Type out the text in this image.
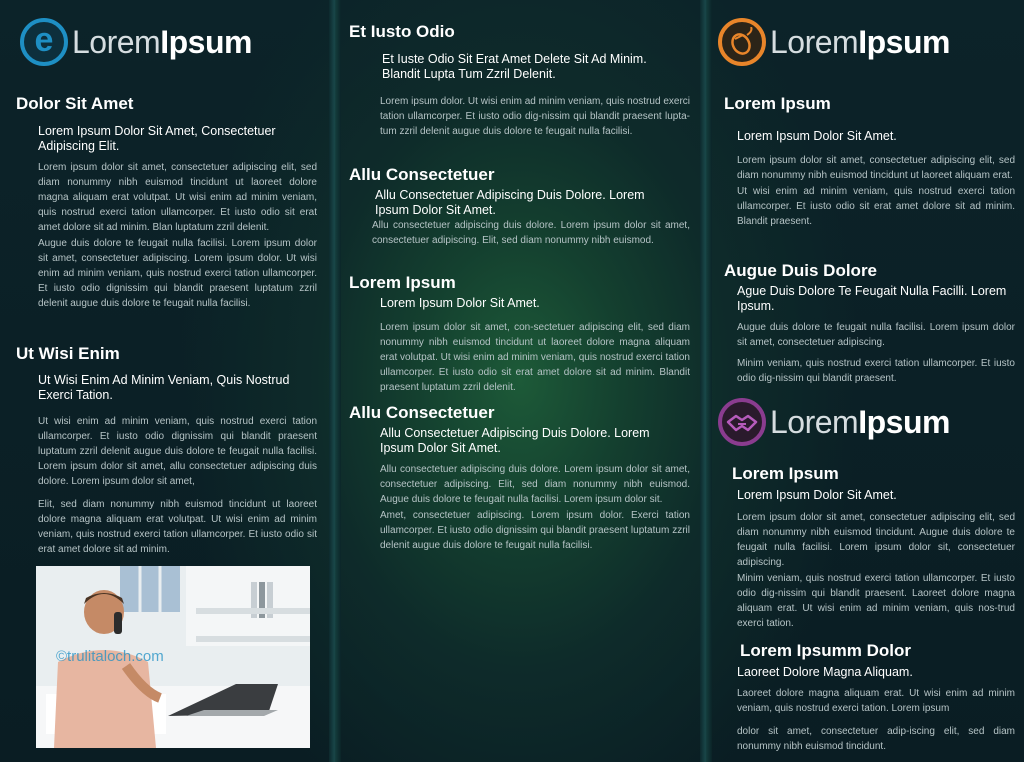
e Lorem Ipsum
Dolor Sit Amet
Lorem Ipsum Dolor Sit Amet, Consectetuer Adipiscing Elit.

Lorem ipsum dolor sit amet, consectetuer adipiscing elit, sed diam nonummy nibh euismod tincidunt ut laoreet dolore magna aliquam erat volutpat. Ut wisi enim ad minim veniam, quis nostrud exerci tation ullamcorper. Et iusto odio sit erat amet dolore sit ad minim. Blan luptatum zzril delenit.

Augue duis dolore te feugait nulla facilisi. Lorem ipsum dolor sit amet, consectetuer adipiscing. Lorem ipsum dolor. Ut wisi enim ad minim veniam, quis nostrud exerci tation ullamcorper. Et iusto odio dignissim qui blandit praesent luptatum zzril delenit augue duis dolore te feugait nulla facilisi.

Ut Wisi Enim
Ut Wisi Enim Ad Minim Veniam, Quis Nostrud Exerci Tation.

Ut wisi enim ad minim veniam, quis nostrud exerci tation ullamcorper. Et iusto odio dignissim qui blandit praesent luptatum zzril delenit augue duis dolore te feugait nulla facilisi. Lorem ipsum dolor sit amet, allu consectetuer adipiscing duis dolore. Lorem ipsum dolor sit amet,

Elit, sed diam nonummy nibh euismod tincidunt ut laoreet dolore magna aliquam erat volutpat. Ut wisi enim ad minim veniam, quis nostrud exerci tation ullamcorper. Et iusto odio sit erat amet dolore sit ad minim.

©trulitaloch.com
Et Iusto Odio
Et Iuste Odio Sit Erat Amet Delete Sit Ad Minim. Blandit Lupta Tum Zzril Delenit.

Lorem ipsum dolor. Ut wisi enim ad minim veniam, quis nostrud exerci tation ullamcorper. Et iusto odio dig-nissim qui blandit praesent lupta- tum zzril delenit augue duis dolore te feugait nulla facilisi.

Allu Consectetuer
Allu Consectetuer Adipiscing Duis Dolore. Lorem Ipsum Dolor Sit Amet.

Allu consectetuer adipiscing duis dolore. Lorem ipsum dolor sit amet, consectetuer adipiscing. Elit, sed diam nonummy nibh euismod.

Lorem Ipsum
Lorem Ipsum Dolor Sit Amet.

Lorem ipsum dolor sit amet, con-sectetuer adipiscing elit, sed diam nonummy nibh euismod tincidunt ut laoreet dolore magna aliquam erat volutpat. Ut wisi enim ad minim veniam, quis nostrud exerci tation ullamcorper. Et iusto odio sit erat amet dolore sit ad minim. Blandit praesent luptatum zzril delenit.

Allu Consectetuer
Allu Consectetuer Adipiscing Duis Dolore. Lorem Ipsum Dolor Sit Amet.

Allu consectetuer adipiscing duis dolore. Lorem ipsum dolor sit amet, consectetuer adipiscing. Elit, sed diam nonummy nibh euismod. Augue duis dolore te feugait nulla facilisi. Lorem ipsum dolor sit.

Amet, consectetuer adipiscing. Lorem ipsum dolor. Exerci tation ullamcorper. Et iusto odio dignissim qui blandit praesent luptatum zzril delenit augue duis dolore te feugait nulla facilisi.

Lorem Ipsum
Lorem Ipsum
Lorem Ipsum Dolor Sit Amet.

Lorem ipsum dolor sit amet, consectetuer adipiscing elit, sed diam nonummy nibh euismod tincidunt ut laoreet aliquam erat.

Ut wisi enim ad minim veniam, quis nostrud exerci tation ullamcorper. Et iusto odio sit erat amet dolore sit ad minim. Blandit praesent.

Augue Duis Dolore
Ague Duis Dolore Te Feugait Nulla Facilli. Lorem Ipsum.

Augue duis dolore te feugait nulla facilisi. Lorem ipsum dolor sit amet, consectetuer adipiscing.

Minim veniam, quis nostrud exerci tation ullamcorper. Et iusto odio dig-nissim qui blandit praesent.

Lorem Ipsum
Lorem Ipsum
Lorem Ipsum Dolor Sit Amet.

Lorem ipsum dolor sit amet, consectetuer adipiscing elit, sed diam nonummy nibh euismod tincidunt. Augue duis dolore te feugait nulla facilisi. Lorem ipsum dolor sit, consectetuer adipiscing.

Minim veniam, quis nostrud exerci tation ullamcorper. Et iusto odio dig-nissim qui blandit praesent. Laoreet dolore magna aliquam erat. Ut wisi enim ad minim veniam, quis nos-trud exerci tation.

Lorem Ipsumm Dolor
Laoreet Dolore Magna Aliquam.

Laoreet dolore magna aliquam erat. Ut wisi enim ad minim veniam, quis nostrud exerci tation. Lorem ipsum

dolor sit amet, consectetuer adip-iscing elit, sed diam nonummy nibh euismod tincidunt.
